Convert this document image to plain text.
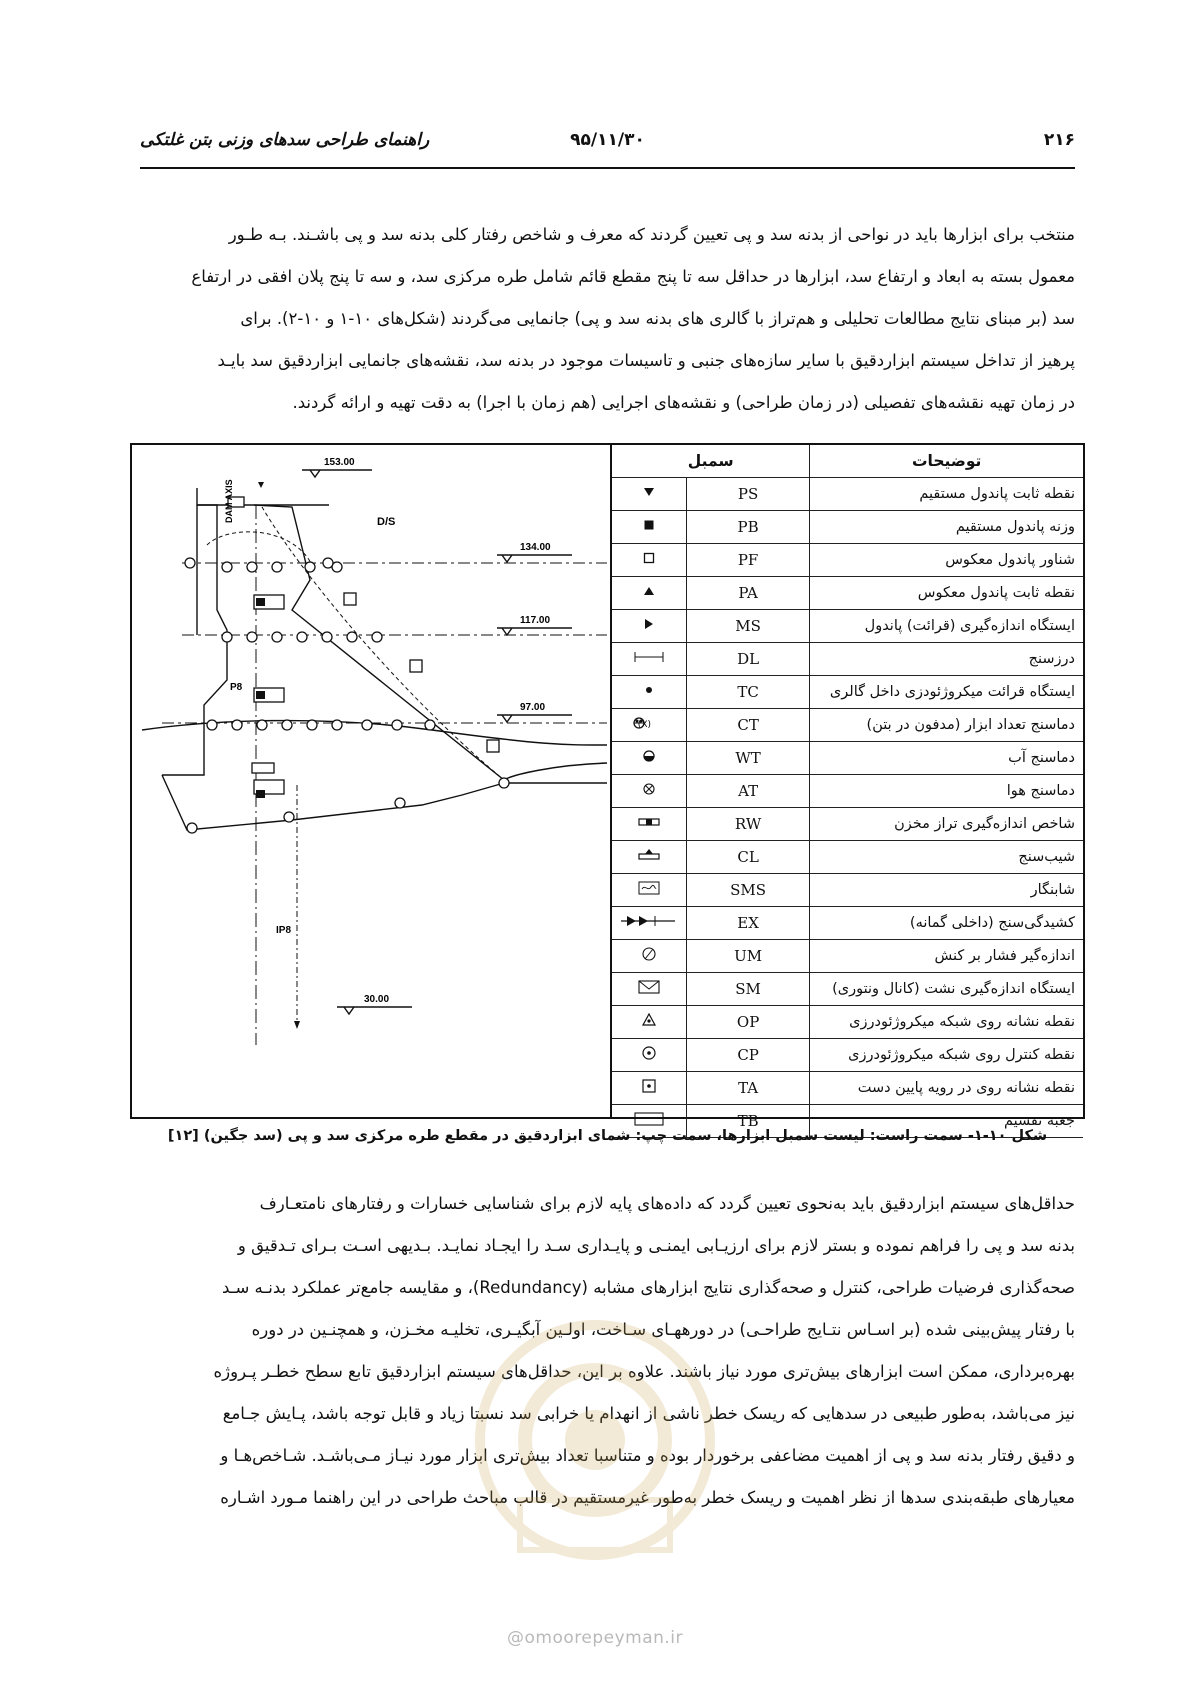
۲۱۶
۹۵/۱۱/۳۰
راهنمای طراحی سدهای وزنی بتن غلتکی

منتخب برای ابزارها باید در نواحی از بدنه سد و پی تعیین گردند که معرف و شاخص رفتار کلی بدنه سد و پی باشـند. بـه طـور

معمول بسته به ابعاد و ارتفاع سد، ابزارها در حداقل سه تا پنج مقطع قائم شامل طره مرکزی سد، و سه تا پنج پلان افقی در ارتفاع

سد (بر مبنای نتایج مطالعات تحلیلی و هم‌تراز با گالری های بدنه سد و پی) جانمایی می‌گردند (شکل‌های ۱۰-۱ و ۱۰-۲). برای

پرهیز از تداخل سیستم ابزاردقیق با سایر سازه‌های جنبی و تاسیسات موجود در بدنه سد، نقشه‌های جانمایی ابزاردقیق سد بایـد

در زمان تهیه نقشه‌های تفصیلی (در زمان طراحی) و نقشه‌های اجرایی (هم زمان با اجرا) به دقت تهیه و ارائه گردند.

DAM AXIS	D/S
P8
IP8
153.00
134.00
117.00
97.00
30.00
توضیحات	سمبل	
نقطه ثابت پاندول مستقیم	PS	
وزنه پاندول مستقیم	PB	
شناور پاندول معکوس	PF	
نقطه ثابت پاندول معکوس	PA	
ایستگاه اندازه‌گیری (قرائت) پاندول	MS	
درزسنج	DL	
ایستگاه قرائت میکروژئودزی داخل گالری	TC	
دماسنج تعداد ابزار (مدفون در بتن)	CT	(X)

دماسنج آب	WT	
دماسنج هوا	AT	
شاخص اندازه‌گیری تراز مخزن	RW	
شیب‌سنج	CL	
شابنگار	SMS	
کشیدگی‌سنج (داخلی گمانه)	EX	
اندازه‌گیر فشار بر کنش	UM	
ایستگاه اندازه‌گیری نشت (کانال ونتوری)	SM	
نقطه نشانه روی شبکه میکروژئودرزی	OP	
نقطه کنترل روی شبکه میکروژئودرزی	CP	
نقطه نشانه روی در رویه پایین دست	TA	
جعبه تقسیم	TB	
شکل ۱۰-۱- سمت راست: لیست سمبل ابزارها، سمت چپ: شمای ابزاردقیق در مقطع طره مرکزی سد و پی (سد جگین) [۱۲]

حداقل‌های سیستم ابزاردقیق باید به‌نحوی تعیین گردد که داده‌های پایه لازم برای شناسایی خسارات و رفتارهای نامتعـارف

بدنه سد و پی را فراهم نموده و بستر لازم برای ارزیـابی ایمنـی و پایـداری سـد را ایجـاد نمایـد. بـدیهی اسـت بـرای تـدقیق و

صحه‌گذاری فرضیات طراحی، کنترل و صحه‌گذاری نتایج ابزارهای مشابه (Redundancy)، و مقایسه جامع‌تر عملکرد بدنـه سـد

با رفتار پیش‌بینی شده (بر اسـاس نتـایج طراحـی) در دورههـای سـاخت، اولـین آبگیـری، تخلیـه مخـزن، و همچنـین در دوره

بهره‌برداری، ممکن است ابزارهای بیش‌تری مورد نیاز باشند. علاوه بر این، حداقل‌های سیستم ابزاردقیق تابع سطح خطـر پـروژه

نیز می‌باشد، به‌طور طبیعی در سدهایی که ریسک خطر ناشی از انهدام یا خرابی سد نسبتا زیاد و قابل توجه باشد، پـایش جـامع

و دقیق رفتار بدنه سد و پی از اهمیت مضاعفی برخوردار بوده و متناسبا تعداد بیش‌تری ابزار مورد نیـاز مـی‌باشـد. شـاخص‌هـا و

معیارهای طبقه‌بندی سدها از نظر اهمیت و ریسک خطر به‌طور غیرمستقیم در قالب مباحث طراحی در این راهنما مـورد اشـاره

@omoorepeyman.ir
